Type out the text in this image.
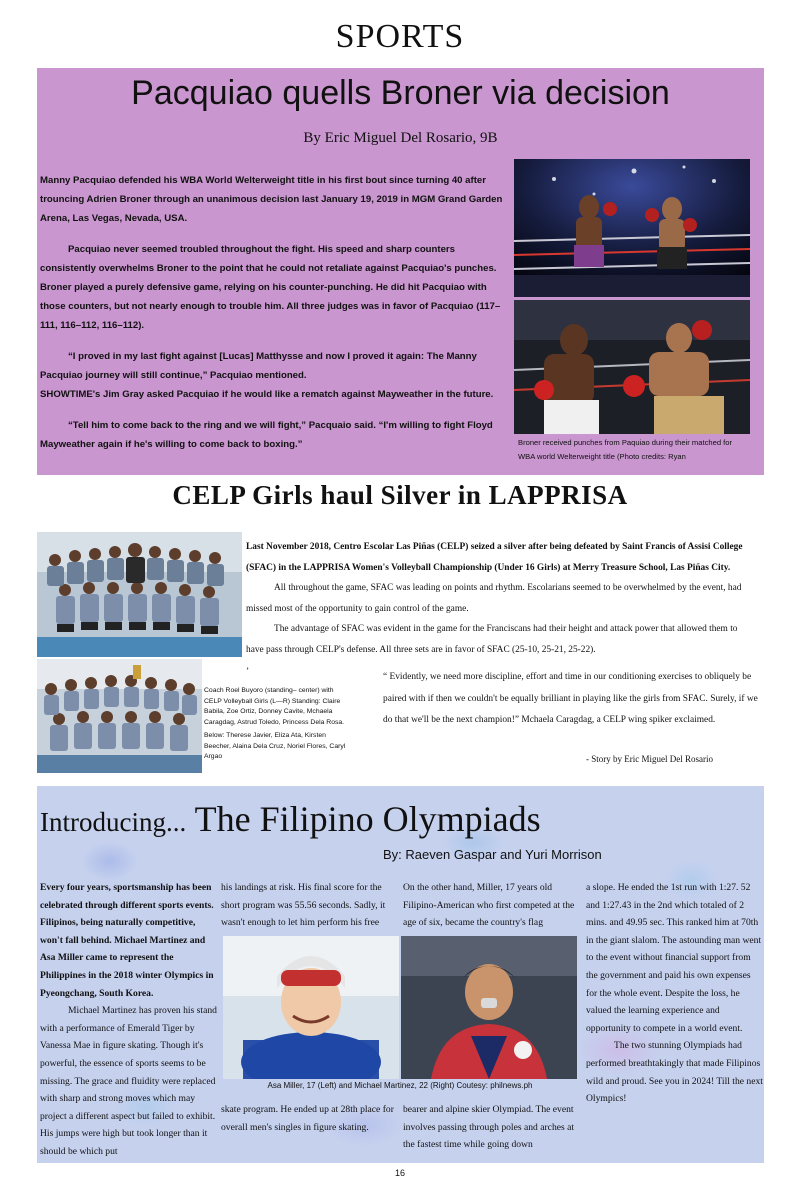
SPORTS
Pacquiao quells Broner via decision
By Eric Miguel Del Rosario, 9B

Manny Pacquiao defended his WBA World Welterweight title in his first bout since turning 40 after trouncing Adrien Broner through an unanimous decision last January 19, 2019 in MGM Grand Garden Arena, Las Vegas, Nevada, USA.

Pacquiao never seemed troubled throughout the fight. His speed and sharp counters consistently overwhelms Broner to the point that he could not retaliate against Pacquiao's punches. Broner played a purely defensive game, relying on his counter-punching. He did hit Pacquiao with those counters, but not nearly enough to trouble him. All three judges was in favor of Pacquiao (117–111, 116–112, 116–112).

“I proved in my last fight against [Lucas] Matthysse and now I proved it again: The Manny Pacquiao journey will still continue,” Pacquiao mentioned.

SHOWTIME's Jim Gray asked Pacquiao if he would like a rematch against Mayweather in the future.

“Tell him to come back to the ring and we will fight,” Pacquaio said. “I'm willing to fight Floyd Mayweather again if he's willing to come back to boxing.”	Broner received punches from Paquiao during their matched for WBA world Welterweight title (Photo credits: Ryan
CELP Girls haul Silver in LAPPRISA

Coach Roel Buyoro (standing– center) with CELP Volleyball Girls (L—R) Standing: Claire Babila, Zoe Ortiz, Donney Cavite, Mchaela Caragdag, Astrud Toledo, Princess Dela Rosa.

Below: Therese Javier, Eliza Ata, Kirsten Beecher, Alaina Dela Cruz, Noriel Flores, Caryl Argao

Last November 2018, Centro Escolar Las Piñas (CELP) seized a silver after being defeated by Saint Francis of Assisi College (SFAC) in the LAPPRISA Women's Volleyball Championship (Under 16 Girls) at Merry Treasure School, Las Piñas City.

All throughout the game, SFAC was leading on points and rhythm. Escolarians seemed to be overwhelmed by the event, had missed most of the opportunity to gain control of the game.

The advantage of SFAC was evident in the game for the Franciscans had their height and attack power that allowed them to have pass through CELP's defense. All three sets are in favor of SFAC (25-10, 25-21, 25-22).

’	“ Evidently, we need more discipline, effort and time in our conditioning exercises to obliquely be paired with if then we couldn't be equally brilliant in playing like the girls from SFAC. Surely, if we do that we'll be the next champion!” Mchaela Caragdag, a CELP wing spiker exclaimed.
- Story by Eric Miguel Del Rosario
Introducing... The Filipino Olympiads
By: Raeven Gaspar and Yuri Morrison

Every four years, sportsmanship has been celebrated through different sports events. Filipinos, being naturally competitive, won't fall behind. Michael Martinez and Asa Miller came to represent the Philippines in the 2018 winter Olympics in Pyeongchang, South Korea.

Michael Martinez has proven his stand with a performance of Emerald Tiger by Vanessa Mae in figure skating. Though it's powerful, the essence of sports seems to be missing. The grace and fluidity were replaced with sharp and strong moves which may project a different aspect but failed to exhibit. His jumps were high but took longer than it should be which put

his landings at risk. His final score for the short program was 55.56 seconds. Sadly, it wasn't enough to let him perform his free
On the other hand, Miller, 17 years old Filipino-American who first competed at the age of six, became the country's flag

a slope. He ended the 1st run with 1:27. 52 and 1:27.43 in the 2nd which totaled of 2 mins. and 49.95 sec. This ranked him at 70th in the giant slalom. The astounding man went to the event without financial support from the government and paid his own expenses for the whole event. Despite the loss, he valued the learning experience and opportunity to compete in a world event.

The two stunning Olympiads had performed breathtakingly that made Filipinos wild and proud. See you in 2024! Till the next Olympics!

Asa Miller, 17 (Left) and Michael Martinez, 22 (Right) Coutesy: philnews.ph
skate program. He ended up at 28th place for overall men's singles in figure skating.
bearer and alpine skier Olympiad. The event involves passing through poles and arches at the fastest time while going down
16
